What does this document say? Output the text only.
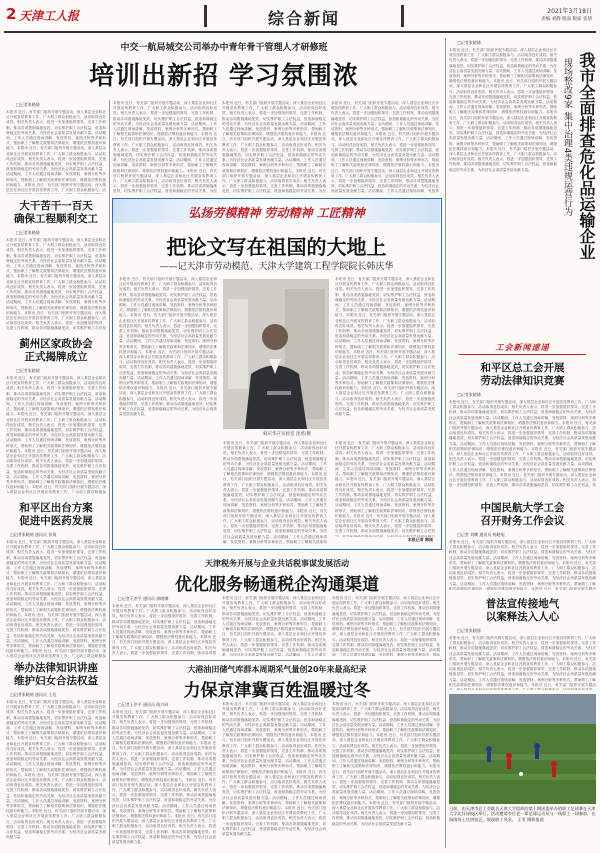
2 天津工人报	综合新闻	2021年3月18日
责编 刘静 版面 版面 张倩
中交一航局城交公司举办中青年骨干管理人才研修班
培训出新招 学习氛围浓
□记者张晓倩
本报讯 近日，有关部门组织开展专题活动，深入基层企业和社区开展宣传教育工作，广大职工群众积极参与，活动取得良好成效。相关负责人表示，将进一步加强组织领导，完善工作机制，推动各项措施落地见效，切实维护职工合法权益，营造和谐稳定的劳动关系，为经济社会高质量发展贡献力量。活动期间，工作人员通过现场讲解、发放资料、案例分析等多种形式，帮助职工了解相关政策和法律知识，增强依法维权意识和能力。本报讯 近日，有关部门组织开展专题活动，深入基层企业和社区开展宣传教育工作，广大职工群众积极参与，活动取得良好成效。相关负责人表示，将进一步加强组织领导，完善工作机制，推动各项措施落地见效，切实维护职工合法权益，营造和谐稳定的劳动关系，为经济社会高质量发展贡献力量。活动期间，工作人员通过现场讲解、发放资料、案例分析等多种形式，帮助职工了解相关政策和法律知识，增强依法维权意识和能力。本报讯 近日，有关部门组织开展专题活动，深入基层企业和社区开展宣传教育工作，广大职工群众积极参与，活动取得良好成效。相关负责人表示，将进一步加强组织领导，完善工作机制，推动各项措施落地见效，切实维护职工合法权益，营造和谐稳定的劳动关系，为经济社会高质量发展贡献力量。活动期间，工作人员通过现场讲解、发放资料、案例分析等多种形式，帮助职工了解相关政策和法律知识，增强依法维权意识和能力。本报讯 近日，有关部门组织开展专题活动，深入基层企业和社区开展宣传教育工作，广大职工群众积极参与，活动取得良好成效。相关负责人表示，将进一步加强组织领导，完善工作机制，推动各项措施落地见效，切实维护职工合法权益，营造和谐稳定的劳动关系，为经济社会高质量发展贡献力量。
大干苦干一百天
确保工程顺利交工
□记者张晓倩
本报讯 近日，有关部门组织开展专题活动，深入基层企业和社区开展宣传教育工作，广大职工群众积极参与，活动取得良好成效。相关负责人表示，将进一步加强组织领导，完善工作机制，推动各项措施落地见效，切实维护职工合法权益，营造和谐稳定的劳动关系，为经济社会高质量发展贡献力量。活动期间，工作人员通过现场讲解、发放资料、案例分析等多种形式，帮助职工了解相关政策和法律知识，增强依法维权意识和能力。本报讯 近日，有关部门组织开展专题活动，深入基层企业和社区开展宣传教育工作，广大职工群众积极参与，活动取得良好成效。相关负责人表示，将进一步加强组织领导，完善工作机制，推动各项措施落地见效，切实维护职工合法权益，营造和谐稳定的劳动关系，为经济社会高质量发展贡献力量。活动期间，工作人员通过现场讲解、发放资料、案例分析等多种形式，帮助职工了解相关政策和法律知识，增强依法维权意识和能力。本报讯 近日，有关部门组织开展专题活动，深入基层企业和社区开展宣传教育工作，广大职工群众积极参与，活动取得良好成效。相关负责人表示，将进一步加强组织领导，完善工作机制，推动各项措施落地见效，切实维护职工合法权益，营造和谐稳定的劳动关系，为经济社会高质量发展贡献力量。活动期间，工作人员通过现场讲解、发放资料、案例分析等多种形式，帮助职工了解相关政策和法律知识，增强依法维权意识和能力。本报讯 近日，有关部门组织开展专题活动，深入基层企业和社区开展宣传教育工作，广大职工群众积极参与，活动取得良好成效。相关负责人表示，将进一步加强组织领导，完善工作机制，推动各项措施落地见效，切实维护职工合法权益，营造和谐稳定的劳动关系，为经济社会高质量发展贡献力量。
蓟州区家政协会
正式揭牌成立
□记者张晓倩
本报讯 近日，有关部门组织开展专题活动，深入基层企业和社区开展宣传教育工作，广大职工群众积极参与，活动取得良好成效。相关负责人表示，将进一步加强组织领导，完善工作机制，推动各项措施落地见效，切实维护职工合法权益，营造和谐稳定的劳动关系，为经济社会高质量发展贡献力量。活动期间，工作人员通过现场讲解、发放资料、案例分析等多种形式，帮助职工了解相关政策和法律知识，增强依法维权意识和能力。本报讯 近日，有关部门组织开展专题活动，深入基层企业和社区开展宣传教育工作，广大职工群众积极参与，活动取得良好成效。相关负责人表示，将进一步加强组织领导，完善工作机制，推动各项措施落地见效，切实维护职工合法权益，营造和谐稳定的劳动关系，为经济社会高质量发展贡献力量。活动期间，工作人员通过现场讲解、发放资料、案例分析等多种形式，帮助职工了解相关政策和法律知识，增强依法维权意识和能力。本报讯 近日，有关部门组织开展专题活动，深入基层企业和社区开展宣传教育工作，广大职工群众积极参与，活动取得良好成效。相关负责人表示，将进一步加强组织领导，完善工作机制，推动各项措施落地见效，切实维护职工合法权益，营造和谐稳定的劳动关系，为经济社会高质量发展贡献力量。活动期间，工作人员通过现场讲解、发放资料、案例分析等多种形式，帮助职工了解相关政策和法律知识，增强依法维权意识和能力。本报讯 近日，有关部门组织开展专题活动，深入基层企业和社区开展宣传教育工作，广大职工群众积极参与，活动取得良好成效。相关负责人表示，将进一步加强组织领导，完善工作机制，推动各项措施落地见效，切实维护职工合法权益，营造和谐稳定的劳动关系，为经济社会高质量发展贡献力量。
和平区出台方案
促进中医药发展
□记者张晓倩 通讯员 张娟
本报讯 近日，有关部门组织开展专题活动，深入基层企业和社区开展宣传教育工作，广大职工群众积极参与，活动取得良好成效。相关负责人表示，将进一步加强组织领导，完善工作机制，推动各项措施落地见效，切实维护职工合法权益，营造和谐稳定的劳动关系，为经济社会高质量发展贡献力量。活动期间，工作人员通过现场讲解、发放资料、案例分析等多种形式，帮助职工了解相关政策和法律知识，增强依法维权意识和能力。本报讯 近日，有关部门组织开展专题活动，深入基层企业和社区开展宣传教育工作，广大职工群众积极参与，活动取得良好成效。相关负责人表示，将进一步加强组织领导，完善工作机制，推动各项措施落地见效，切实维护职工合法权益，营造和谐稳定的劳动关系，为经济社会高质量发展贡献力量。活动期间，工作人员通过现场讲解、发放资料、案例分析等多种形式，帮助职工了解相关政策和法律知识，增强依法维权意识和能力。本报讯 近日，有关部门组织开展专题活动，深入基层企业和社区开展宣传教育工作，广大职工群众积极参与，活动取得良好成效。相关负责人表示，将进一步加强组织领导，完善工作机制，推动各项措施落地见效，切实维护职工合法权益，营造和谐稳定的劳动关系，为经济社会高质量发展贡献力量。活动期间，工作人员通过现场讲解、发放资料、案例分析等多种形式，帮助职工了解相关政策和法律知识，增强依法维权意识和能力。本报讯 近日，有关部门组织开展专题活动，深入基层企业和社区开展宣传教育工作，广大职工群众积极参与，活动取得良好成效。相关负责人表示，将进一步加强组织领导，完善工作机制，推动各项措施落地见效，切实维护职工合法权益，营造和谐稳定的劳动关系，为经济社会高质量发展贡献力量。
举办法律知识讲座
维护妇女合法权益
□记者张晓倩 通讯员 王洁
本报讯 近日，有关部门组织开展专题活动，深入基层企业和社区开展宣传教育工作，广大职工群众积极参与，活动取得良好成效。相关负责人表示，将进一步加强组织领导，完善工作机制，推动各项措施落地见效，切实维护职工合法权益，营造和谐稳定的劳动关系，为经济社会高质量发展贡献力量。活动期间，工作人员通过现场讲解、发放资料、案例分析等多种形式，帮助职工了解相关政策和法律知识，增强依法维权意识和能力。本报讯 近日，有关部门组织开展专题活动，深入基层企业和社区开展宣传教育工作，广大职工群众积极参与，活动取得良好成效。相关负责人表示，将进一步加强组织领导，完善工作机制，推动各项措施落地见效，切实维护职工合法权益，营造和谐稳定的劳动关系，为经济社会高质量发展贡献力量。活动期间，工作人员通过现场讲解、发放资料、案例分析等多种形式，帮助职工了解相关政策和法律知识，增强依法维权意识和能力。本报讯 近日，有关部门组织开展专题活动，深入基层企业和社区开展宣传教育工作，广大职工群众积极参与，活动取得良好成效。相关负责人表示，将进一步加强组织领导，完善工作机制，推动各项措施落地见效，切实维护职工合法权益，营造和谐稳定的劳动关系，为经济社会高质量发展贡献力量。活动期间，工作人员通过现场讲解、发放资料、案例分析等多种形式，帮助职工了解相关政策和法律知识，增强依法维权意识和能力。本报讯 近日，有关部门组织开展专题活动，深入基层企业和社区开展宣传教育工作，广大职工群众积极参与，活动取得良好成效。相关负责人表示，将进一步加强组织领导，完善工作机制，推动各项措施落地见效，切实维护职工合法权益，营造和谐稳定的劳动关系，为经济社会高质量发展贡献力量。
本报讯 近日，有关部门组织开展专题活动，深入基层企业和社区开展宣传教育工作，广大职工群众积极参与，活动取得良好成效。相关负责人表示，将进一步加强组织领导，完善工作机制，推动各项措施落地见效，切实维护职工合法权益，营造和谐稳定的劳动关系，为经济社会高质量发展贡献力量。活动期间，工作人员通过现场讲解、发放资料、案例分析等多种形式，帮助职工了解相关政策和法律知识，增强依法维权意识和能力。本报讯 近日，有关部门组织开展专题活动，深入基层企业和社区开展宣传教育工作，广大职工群众积极参与，活动取得良好成效。相关负责人表示，将进一步加强组织领导，完善工作机制，推动各项措施落地见效，切实维护职工合法权益，营造和谐稳定的劳动关系，为经济社会高质量发展贡献力量。活动期间，工作人员通过现场讲解、发放资料、案例分析等多种形式，帮助职工了解相关政策和法律知识，增强依法维权意识和能力。本报讯 近日，有关部门组织开展专题活动，深入基层企业和社区开展宣传教育工作，广大职工群众积极参与，活动取得良好成效。相关负责人表示，将进一步加强组织领导，完善工作机制，推动各项措施落地见效，切实维护职工合法权益，营造和谐稳定的劳动关系，为经济社会高质量发展贡献力量。活动期间，工作人员通过现场讲解、发放资料、案例分析等多种形式，帮助职工了解相关政策和法律知识，增强依法维权意识和能力。本报讯 近日，有关部门组织开展专题活动，深入基层企业和社区开展宣传教育工作，广大职工群众积极参与，活动取得良好成效。相关负责人表示，将进一步加强组织领导，完善工作机制，推动各项措施落地见效，切实维护职工合法权益，营造和谐稳定的劳动关系，为经济社会高质量发展贡献力量。
本报讯 近日，有关部门组织开展专题活动，深入基层企业和社区开展宣传教育工作，广大职工群众积极参与，活动取得良好成效。相关负责人表示，将进一步加强组织领导，完善工作机制，推动各项措施落地见效，切实维护职工合法权益，营造和谐稳定的劳动关系，为经济社会高质量发展贡献力量。活动期间，工作人员通过现场讲解、发放资料、案例分析等多种形式，帮助职工了解相关政策和法律知识，增强依法维权意识和能力。本报讯 近日，有关部门组织开展专题活动，深入基层企业和社区开展宣传教育工作，广大职工群众积极参与，活动取得良好成效。相关负责人表示，将进一步加强组织领导，完善工作机制，推动各项措施落地见效，切实维护职工合法权益，营造和谐稳定的劳动关系，为经济社会高质量发展贡献力量。活动期间，工作人员通过现场讲解、发放资料、案例分析等多种形式，帮助职工了解相关政策和法律知识，增强依法维权意识和能力。本报讯 近日，有关部门组织开展专题活动，深入基层企业和社区开展宣传教育工作，广大职工群众积极参与，活动取得良好成效。相关负责人表示，将进一步加强组织领导，完善工作机制，推动各项措施落地见效，切实维护职工合法权益，营造和谐稳定的劳动关系，为经济社会高质量发展贡献力量。活动期间，工作人员通过现场讲解、发放资料、案例分析等多种形式，帮助职工了解相关政策和法律知识，增强依法维权意识和能力。本报讯 近日，有关部门组织开展专题活动，深入基层企业和社区开展宣传教育工作，广大职工群众积极参与，活动取得良好成效。相关负责人表示，将进一步加强组织领导，完善工作机制，推动各项措施落地见效，切实维护职工合法权益，营造和谐稳定的劳动关系，为经济社会高质量发展贡献力量。
本报讯 近日，有关部门组织开展专题活动，深入基层企业和社区开展宣传教育工作，广大职工群众积极参与，活动取得良好成效。相关负责人表示，将进一步加强组织领导，完善工作机制，推动各项措施落地见效，切实维护职工合法权益，营造和谐稳定的劳动关系，为经济社会高质量发展贡献力量。活动期间，工作人员通过现场讲解、发放资料、案例分析等多种形式，帮助职工了解相关政策和法律知识，增强依法维权意识和能力。本报讯 近日，有关部门组织开展专题活动，深入基层企业和社区开展宣传教育工作，广大职工群众积极参与，活动取得良好成效。相关负责人表示，将进一步加强组织领导，完善工作机制，推动各项措施落地见效，切实维护职工合法权益，营造和谐稳定的劳动关系，为经济社会高质量发展贡献力量。活动期间，工作人员通过现场讲解、发放资料、案例分析等多种形式，帮助职工了解相关政策和法律知识，增强依法维权意识和能力。本报讯 近日，有关部门组织开展专题活动，深入基层企业和社区开展宣传教育工作，广大职工群众积极参与，活动取得良好成效。相关负责人表示，将进一步加强组织领导，完善工作机制，推动各项措施落地见效，切实维护职工合法权益，营造和谐稳定的劳动关系，为经济社会高质量发展贡献力量。活动期间，工作人员通过现场讲解、发放资料、案例分析等多种形式，帮助职工了解相关政策和法律知识，增强依法维权意识和能力。本报讯 近日，有关部门组织开展专题活动，深入基层企业和社区开展宣传教育工作，广大职工群众积极参与，活动取得良好成效。相关负责人表示，将进一步加强组织领导，完善工作机制，推动各项措施落地见效，切实维护职工合法权益，营造和谐稳定的劳动关系，为经济社会高质量发展贡献力量。
弘扬劳模精神 劳动精神 工匠精神
把论文写在祖国的大地上
——记天津市劳动模范、天津大学建筑工程学院院长韩庆华
本报讯 近日，有关部门组织开展专题活动，深入基层企业和社区开展宣传教育工作，广大职工群众积极参与，活动取得良好成效。相关负责人表示，将进一步加强组织领导，完善工作机制，推动各项措施落地见效，切实维护职工合法权益，营造和谐稳定的劳动关系，为经济社会高质量发展贡献力量。活动期间，工作人员通过现场讲解、发放资料、案例分析等多种形式，帮助职工了解相关政策和法律知识，增强依法维权意识和能力。本报讯 近日，有关部门组织开展专题活动，深入基层企业和社区开展宣传教育工作，广大职工群众积极参与，活动取得良好成效。相关负责人表示，将进一步加强组织领导，完善工作机制，推动各项措施落地见效，切实维护职工合法权益，营造和谐稳定的劳动关系，为经济社会高质量发展贡献力量。活动期间，工作人员通过现场讲解、发放资料、案例分析等多种形式，帮助职工了解相关政策和法律知识，增强依法维权意识和能力。本报讯 近日，有关部门组织开展专题活动，深入基层企业和社区开展宣传教育工作，广大职工群众积极参与，活动取得良好成效。相关负责人表示，将进一步加强组织领导，完善工作机制，推动各项措施落地见效，切实维护职工合法权益，营造和谐稳定的劳动关系，为经济社会高质量发展贡献力量。活动期间，工作人员通过现场讲解、发放资料、案例分析等多种形式，帮助职工了解相关政策和法律知识，增强依法维权意识和能力。本报讯 近日，有关部门组织开展专题活动，深入基层企业和社区开展宣传教育工作，广大职工群众积极参与，活动取得良好成效。相关负责人表示，将进一步加强组织领导，完善工作机制，推动各项措施落地见效，切实维护职工合法权益，营造和谐稳定的劳动关系，为经济社会高质量发展贡献力量。
韩庆华在实验室 沈慈/摄
本报讯 近日，有关部门组织开展专题活动，深入基层企业和社区开展宣传教育工作，广大职工群众积极参与，活动取得良好成效。相关负责人表示，将进一步加强组织领导，完善工作机制，推动各项措施落地见效，切实维护职工合法权益，营造和谐稳定的劳动关系，为经济社会高质量发展贡献力量。活动期间，工作人员通过现场讲解、发放资料、案例分析等多种形式，帮助职工了解相关政策和法律知识，增强依法维权意识和能力。本报讯 近日，有关部门组织开展专题活动，深入基层企业和社区开展宣传教育工作，广大职工群众积极参与，活动取得良好成效。相关负责人表示，将进一步加强组织领导，完善工作机制，推动各项措施落地见效，切实维护职工合法权益，营造和谐稳定的劳动关系，为经济社会高质量发展贡献力量。活动期间，工作人员通过现场讲解、发放资料、案例分析等多种形式，帮助职工了解相关政策和法律知识，增强依法维权意识和能力。本报讯 近日，有关部门组织开展专题活动，深入基层企业和社区开展宣传教育工作，广大职工群众积极参与，活动取得良好成效。相关负责人表示，将进一步加强组织领导，完善工作机制，推动各项措施落地见效，切实维护职工合法权益，营造和谐稳定的劳动关系，为经济社会高质量发展贡献力量。活动期间，工作人员通过现场讲解、发放资料、案例分析等多种形式，帮助职工了解相关政策和法律知识，增强依法维权意识和能力。本报讯 近日，有关部门组织开展专题活动，深入基层企业和社区开展宣传教育工作，广大职工群众积极参与，活动取得良好成效。相关负责人表示，将进一步加强组织领导，完善工作机制，推动各项措施落地见效，切实维护职工合法权益，营造和谐稳定的劳动关系，为经济社会高质量发展贡献力量。
本报讯 近日，有关部门组织开展专题活动，深入基层企业和社区开展宣传教育工作，广大职工群众积极参与，活动取得良好成效。相关负责人表示，将进一步加强组织领导，完善工作机制，推动各项措施落地见效，切实维护职工合法权益，营造和谐稳定的劳动关系，为经济社会高质量发展贡献力量。活动期间，工作人员通过现场讲解、发放资料、案例分析等多种形式，帮助职工了解相关政策和法律知识，增强依法维权意识和能力。本报讯 近日，有关部门组织开展专题活动，深入基层企业和社区开展宣传教育工作，广大职工群众积极参与，活动取得良好成效。相关负责人表示，将进一步加强组织领导，完善工作机制，推动各项措施落地见效，切实维护职工合法权益，营造和谐稳定的劳动关系，为经济社会高质量发展贡献力量。活动期间，工作人员通过现场讲解、发放资料、案例分析等多种形式，帮助职工了解相关政策和法律知识，增强依法维权意识和能力。本报讯 近日，有关部门组织开展专题活动，深入基层企业和社区开展宣传教育工作，广大职工群众积极参与，活动取得良好成效。相关负责人表示，将进一步加强组织领导，完善工作机制，推动各项措施落地见效，切实维护职工合法权益，营造和谐稳定的劳动关系，为经济社会高质量发展贡献力量。活动期间，工作人员通过现场讲解、发放资料、案例分析等多种形式，帮助职工了解相关政策和法律知识，增强依法维权意识和能力。本报讯 近日，有关部门组织开展专题活动，深入基层企业和社区开展宣传教育工作，广大职工群众积极参与，活动取得良好成效。相关负责人表示，将进一步加强组织领导，完善工作机制，推动各项措施落地见效，切实维护职工合法权益，营造和谐稳定的劳动关系，为经济社会高质量发展贡献力量。
本报讯 近日，有关部门组织开展专题活动，深入基层企业和社区开展宣传教育工作，广大职工群众积极参与，活动取得良好成效。相关负责人表示，将进一步加强组织领导，完善工作机制，推动各项措施落地见效，切实维护职工合法权益，营造和谐稳定的劳动关系，为经济社会高质量发展贡献力量。活动期间，工作人员通过现场讲解、发放资料、案例分析等多种形式，帮助职工了解相关政策和法律知识，增强依法维权意识和能力。本报讯 近日，有关部门组织开展专题活动，深入基层企业和社区开展宣传教育工作，广大职工群众积极参与，活动取得良好成效。相关负责人表示，将进一步加强组织领导，完善工作机制，推动各项措施落地见效，切实维护职工合法权益，营造和谐稳定的劳动关系，为经济社会高质量发展贡献力量。活动期间，工作人员通过现场讲解、发放资料、案例分析等多种形式，帮助职工了解相关政策和法律知识，增强依法维权意识和能力。本报讯 近日，有关部门组织开展专题活动，深入基层企业和社区开展宣传教育工作，广大职工群众积极参与，活动取得良好成效。相关负责人表示，将进一步加强组织领导，完善工作机制，推动各项措施落地见效，切实维护职工合法权益，营造和谐稳定的劳动关系，为经济社会高质量发展贡献力量。活动期间，工作人员通过现场讲解、发放资料、案例分析等多种形式，帮助职工了解相关政策和法律知识，增强依法维权意识和能力。本报讯 近日，有关部门组织开展专题活动，深入基层企业和社区开展宣传教育工作，广大职工群众积极参与，活动取得良好成效。相关负责人表示，将进一步加强组织领导，完善工作机制，推动各项措施落地见效，切实维护职工合法权益，营造和谐稳定的劳动关系，为经济社会高质量发展贡献力量。
本报记者 韩刚
天津税务开展与企业共话税事谋发展活动
优化服务畅通税企沟通渠道
□记者王洪平 通讯员 郭晓娜
本报讯 近日，有关部门组织开展专题活动，深入基层企业和社区开展宣传教育工作，广大职工群众积极参与，活动取得良好成效。相关负责人表示，将进一步加强组织领导，完善工作机制，推动各项措施落地见效，切实维护职工合法权益，营造和谐稳定的劳动关系，为经济社会高质量发展贡献力量。活动期间，工作人员通过现场讲解、发放资料、案例分析等多种形式，帮助职工了解相关政策和法律知识，增强依法维权意识和能力。本报讯 近日，有关部门组织开展专题活动，深入基层企业和社区开展宣传教育工作，广大职工群众积极参与，活动取得良好成效。相关负责人表示，将进一步加强组织领导，完善工作机制，推动各项措施落地见效，切实维护职工合法权益，营造和谐稳定的劳动关系，为经济社会高质量发展贡献力量。活动期间，工作人员通过现场讲解、发放资料、案例分析等多种形式，帮助职工了解相关政策和法律知识，增强依法维权意识和能力。本报讯 近日，有关部门组织开展专题活动，深入基层企业和社区开展宣传教育工作，广大职工群众积极参与，活动取得良好成效。相关负责人表示，将进一步加强组织领导，完善工作机制，推动各项措施落地见效，切实维护职工合法权益，营造和谐稳定的劳动关系，为经济社会高质量发展贡献力量。活动期间，工作人员通过现场讲解、发放资料、案例分析等多种形式，帮助职工了解相关政策和法律知识，增强依法维权意识和能力。本报讯 近日，有关部门组织开展专题活动，深入基层企业和社区开展宣传教育工作，广大职工群众积极参与，活动取得良好成效。相关负责人表示，将进一步加强组织领导，完善工作机制，推动各项措施落地见效，切实维护职工合法权益，营造和谐稳定的劳动关系，为经济社会高质量发展贡献力量。
本报讯 近日，有关部门组织开展专题活动，深入基层企业和社区开展宣传教育工作，广大职工群众积极参与，活动取得良好成效。相关负责人表示，将进一步加强组织领导，完善工作机制，推动各项措施落地见效，切实维护职工合法权益，营造和谐稳定的劳动关系，为经济社会高质量发展贡献力量。活动期间，工作人员通过现场讲解、发放资料、案例分析等多种形式，帮助职工了解相关政策和法律知识，增强依法维权意识和能力。本报讯 近日，有关部门组织开展专题活动，深入基层企业和社区开展宣传教育工作，广大职工群众积极参与，活动取得良好成效。相关负责人表示，将进一步加强组织领导，完善工作机制，推动各项措施落地见效，切实维护职工合法权益，营造和谐稳定的劳动关系，为经济社会高质量发展贡献力量。活动期间，工作人员通过现场讲解、发放资料、案例分析等多种形式，帮助职工了解相关政策和法律知识，增强依法维权意识和能力。本报讯 近日，有关部门组织开展专题活动，深入基层企业和社区开展宣传教育工作，广大职工群众积极参与，活动取得良好成效。相关负责人表示，将进一步加强组织领导，完善工作机制，推动各项措施落地见效，切实维护职工合法权益，营造和谐稳定的劳动关系，为经济社会高质量发展贡献力量。活动期间，工作人员通过现场讲解、发放资料、案例分析等多种形式，帮助职工了解相关政策和法律知识，增强依法维权意识和能力。本报讯 近日，有关部门组织开展专题活动，深入基层企业和社区开展宣传教育工作，广大职工群众积极参与，活动取得良好成效。相关负责人表示，将进一步加强组织领导，完善工作机制，推动各项措施落地见效，切实维护职工合法权益，营造和谐稳定的劳动关系，为经济社会高质量发展贡献力量。
本报讯 近日，有关部门组织开展专题活动，深入基层企业和社区开展宣传教育工作，广大职工群众积极参与，活动取得良好成效。相关负责人表示，将进一步加强组织领导，完善工作机制，推动各项措施落地见效，切实维护职工合法权益，营造和谐稳定的劳动关系，为经济社会高质量发展贡献力量。活动期间，工作人员通过现场讲解、发放资料、案例分析等多种形式，帮助职工了解相关政策和法律知识，增强依法维权意识和能力。本报讯 近日，有关部门组织开展专题活动，深入基层企业和社区开展宣传教育工作，广大职工群众积极参与，活动取得良好成效。相关负责人表示，将进一步加强组织领导，完善工作机制，推动各项措施落地见效，切实维护职工合法权益，营造和谐稳定的劳动关系，为经济社会高质量发展贡献力量。活动期间，工作人员通过现场讲解、发放资料、案例分析等多种形式，帮助职工了解相关政策和法律知识，增强依法维权意识和能力。本报讯 近日，有关部门组织开展专题活动，深入基层企业和社区开展宣传教育工作，广大职工群众积极参与，活动取得良好成效。相关负责人表示，将进一步加强组织领导，完善工作机制，推动各项措施落地见效，切实维护职工合法权益，营造和谐稳定的劳动关系，为经济社会高质量发展贡献力量。活动期间，工作人员通过现场讲解、发放资料、案例分析等多种形式，帮助职工了解相关政策和法律知识，增强依法维权意识和能力。本报讯 近日，有关部门组织开展专题活动，深入基层企业和社区开展宣传教育工作，广大职工群众积极参与，活动取得良好成效。相关负责人表示，将进一步加强组织领导，完善工作机制，推动各项措施落地见效，切实维护职工合法权益，营造和谐稳定的劳动关系，为经济社会高质量发展贡献力量。
大港油田储气库群本周期采气量创20年来最高纪录
力保京津冀百姓温暖过冬
□记者王洪平 通讯员 陈兴同
本报讯 近日，有关部门组织开展专题活动，深入基层企业和社区开展宣传教育工作，广大职工群众积极参与，活动取得良好成效。相关负责人表示，将进一步加强组织领导，完善工作机制，推动各项措施落地见效，切实维护职工合法权益，营造和谐稳定的劳动关系，为经济社会高质量发展贡献力量。活动期间，工作人员通过现场讲解、发放资料、案例分析等多种形式，帮助职工了解相关政策和法律知识，增强依法维权意识和能力。本报讯 近日，有关部门组织开展专题活动，深入基层企业和社区开展宣传教育工作，广大职工群众积极参与，活动取得良好成效。相关负责人表示，将进一步加强组织领导，完善工作机制，推动各项措施落地见效，切实维护职工合法权益，营造和谐稳定的劳动关系，为经济社会高质量发展贡献力量。活动期间，工作人员通过现场讲解、发放资料、案例分析等多种形式，帮助职工了解相关政策和法律知识，增强依法维权意识和能力。本报讯 近日，有关部门组织开展专题活动，深入基层企业和社区开展宣传教育工作，广大职工群众积极参与，活动取得良好成效。相关负责人表示，将进一步加强组织领导，完善工作机制，推动各项措施落地见效，切实维护职工合法权益，营造和谐稳定的劳动关系，为经济社会高质量发展贡献力量。活动期间，工作人员通过现场讲解、发放资料、案例分析等多种形式，帮助职工了解相关政策和法律知识，增强依法维权意识和能力。本报讯 近日，有关部门组织开展专题活动，深入基层企业和社区开展宣传教育工作，广大职工群众积极参与，活动取得良好成效。相关负责人表示，将进一步加强组织领导，完善工作机制，推动各项措施落地见效，切实维护职工合法权益，营造和谐稳定的劳动关系，为经济社会高质量发展贡献力量。
本报讯 近日，有关部门组织开展专题活动，深入基层企业和社区开展宣传教育工作，广大职工群众积极参与，活动取得良好成效。相关负责人表示，将进一步加强组织领导，完善工作机制，推动各项措施落地见效，切实维护职工合法权益，营造和谐稳定的劳动关系，为经济社会高质量发展贡献力量。活动期间，工作人员通过现场讲解、发放资料、案例分析等多种形式，帮助职工了解相关政策和法律知识，增强依法维权意识和能力。本报讯 近日，有关部门组织开展专题活动，深入基层企业和社区开展宣传教育工作，广大职工群众积极参与，活动取得良好成效。相关负责人表示，将进一步加强组织领导，完善工作机制，推动各项措施落地见效，切实维护职工合法权益，营造和谐稳定的劳动关系，为经济社会高质量发展贡献力量。活动期间，工作人员通过现场讲解、发放资料、案例分析等多种形式，帮助职工了解相关政策和法律知识，增强依法维权意识和能力。本报讯 近日，有关部门组织开展专题活动，深入基层企业和社区开展宣传教育工作，广大职工群众积极参与，活动取得良好成效。相关负责人表示，将进一步加强组织领导，完善工作机制，推动各项措施落地见效，切实维护职工合法权益，营造和谐稳定的劳动关系，为经济社会高质量发展贡献力量。活动期间，工作人员通过现场讲解、发放资料、案例分析等多种形式，帮助职工了解相关政策和法律知识，增强依法维权意识和能力。本报讯 近日，有关部门组织开展专题活动，深入基层企业和社区开展宣传教育工作，广大职工群众积极参与，活动取得良好成效。相关负责人表示，将进一步加强组织领导，完善工作机制，推动各项措施落地见效，切实维护职工合法权益，营造和谐稳定的劳动关系，为经济社会高质量发展贡献力量。
本报讯 近日，有关部门组织开展专题活动，深入基层企业和社区开展宣传教育工作，广大职工群众积极参与，活动取得良好成效。相关负责人表示，将进一步加强组织领导，完善工作机制，推动各项措施落地见效，切实维护职工合法权益，营造和谐稳定的劳动关系，为经济社会高质量发展贡献力量。活动期间，工作人员通过现场讲解、发放资料、案例分析等多种形式，帮助职工了解相关政策和法律知识，增强依法维权意识和能力。本报讯 近日，有关部门组织开展专题活动，深入基层企业和社区开展宣传教育工作，广大职工群众积极参与，活动取得良好成效。相关负责人表示，将进一步加强组织领导，完善工作机制，推动各项措施落地见效，切实维护职工合法权益，营造和谐稳定的劳动关系，为经济社会高质量发展贡献力量。活动期间，工作人员通过现场讲解、发放资料、案例分析等多种形式，帮助职工了解相关政策和法律知识，增强依法维权意识和能力。本报讯 近日，有关部门组织开展专题活动，深入基层企业和社区开展宣传教育工作，广大职工群众积极参与，活动取得良好成效。相关负责人表示，将进一步加强组织领导，完善工作机制，推动各项措施落地见效，切实维护职工合法权益，营造和谐稳定的劳动关系，为经济社会高质量发展贡献力量。活动期间，工作人员通过现场讲解、发放资料、案例分析等多种形式，帮助职工了解相关政策和法律知识，增强依法维权意识和能力。本报讯 近日，有关部门组织开展专题活动，深入基层企业和社区开展宣传教育工作，广大职工群众积极参与，活动取得良好成效。相关负责人表示，将进一步加强组织领导，完善工作机制，推动各项措施落地见效，切实维护职工合法权益，营造和谐稳定的劳动关系，为经济社会高质量发展贡献力量。
□记者张晓倩
本报讯 近日，有关部门组织开展专题活动，深入基层企业和社区开展宣传教育工作，广大职工群众积极参与，活动取得良好成效。相关负责人表示，将进一步加强组织领导，完善工作机制，推动各项措施落地见效，切实维护职工合法权益，营造和谐稳定的劳动关系，为经济社会高质量发展贡献力量。活动期间，工作人员通过现场讲解、发放资料、案例分析等多种形式，帮助职工了解相关政策和法律知识，增强依法维权意识和能力。本报讯 近日，有关部门组织开展专题活动，深入基层企业和社区开展宣传教育工作，广大职工群众积极参与，活动取得良好成效。相关负责人表示，将进一步加强组织领导，完善工作机制，推动各项措施落地见效，切实维护职工合法权益，营造和谐稳定的劳动关系，为经济社会高质量发展贡献力量。活动期间，工作人员通过现场讲解、发放资料、案例分析等多种形式，帮助职工了解相关政策和法律知识，增强依法维权意识和能力。本报讯 近日，有关部门组织开展专题活动，深入基层企业和社区开展宣传教育工作，广大职工群众积极参与，活动取得良好成效。相关负责人表示，将进一步加强组织领导，完善工作机制，推动各项措施落地见效，切实维护职工合法权益，营造和谐稳定的劳动关系，为经济社会高质量发展贡献力量。活动期间，工作人员通过现场讲解、发放资料、案例分析等多种形式，帮助职工了解相关政策和法律知识，增强依法维权意识和能力。本报讯 近日，有关部门组织开展专题活动，深入基层企业和社区开展宣传教育工作，广大职工群众积极参与，活动取得良好成效。相关负责人表示，将进一步加强组织领导，完善工作机制，推动各项措施落地见效，切实维护职工合法权益，营造和谐稳定的劳动关系，为经济社会高质量发展贡献力量。
我市全面排查危化品运输企业
现场整改9家 集中治理4类违规运营行为
工会新闻速递
和平区总工会开展
劳动法律知识竞赛
□记者张晓倩
本报讯 近日，有关部门组织开展专题活动，深入基层企业和社区开展宣传教育工作，广大职工群众积极参与，活动取得良好成效。相关负责人表示，将进一步加强组织领导，完善工作机制，推动各项措施落地见效，切实维护职工合法权益，营造和谐稳定的劳动关系，为经济社会高质量发展贡献力量。活动期间，工作人员通过现场讲解、发放资料、案例分析等多种形式，帮助职工了解相关政策和法律知识，增强依法维权意识和能力。本报讯 近日，有关部门组织开展专题活动，深入基层企业和社区开展宣传教育工作，广大职工群众积极参与，活动取得良好成效。相关负责人表示，将进一步加强组织领导，完善工作机制，推动各项措施落地见效，切实维护职工合法权益，营造和谐稳定的劳动关系，为经济社会高质量发展贡献力量。活动期间，工作人员通过现场讲解、发放资料、案例分析等多种形式，帮助职工了解相关政策和法律知识，增强依法维权意识和能力。本报讯 近日，有关部门组织开展专题活动，深入基层企业和社区开展宣传教育工作，广大职工群众积极参与，活动取得良好成效。相关负责人表示，将进一步加强组织领导，完善工作机制，推动各项措施落地见效，切实维护职工合法权益，营造和谐稳定的劳动关系，为经济社会高质量发展贡献力量。活动期间，工作人员通过现场讲解、发放资料、案例分析等多种形式，帮助职工了解相关政策和法律知识，增强依法维权意识和能力。本报讯 近日，有关部门组织开展专题活动，深入基层企业和社区开展宣传教育工作，广大职工群众积极参与，活动取得良好成效。相关负责人表示，将进一步加强组织领导，完善工作机制，推动各项措施落地见效，切实维护职工合法权益，营造和谐稳定的劳动关系，为经济社会高质量发展贡献力量。
中国民航大学工会
召开财务工作会议
□记者 刘鹏 通讯员 杨晓旭
本报讯 近日，有关部门组织开展专题活动，深入基层企业和社区开展宣传教育工作，广大职工群众积极参与，活动取得良好成效。相关负责人表示，将进一步加强组织领导，完善工作机制，推动各项措施落地见效，切实维护职工合法权益，营造和谐稳定的劳动关系，为经济社会高质量发展贡献力量。活动期间，工作人员通过现场讲解、发放资料、案例分析等多种形式，帮助职工了解相关政策和法律知识，增强依法维权意识和能力。本报讯 近日，有关部门组织开展专题活动，深入基层企业和社区开展宣传教育工作，广大职工群众积极参与，活动取得良好成效。相关负责人表示，将进一步加强组织领导，完善工作机制，推动各项措施落地见效，切实维护职工合法权益，营造和谐稳定的劳动关系，为经济社会高质量发展贡献力量。活动期间，工作人员通过现场讲解、发放资料、案例分析等多种形式，帮助职工了解相关政策和法律知识，增强依法维权意识和能力。本报讯 近日，有关部门组织开展专题活动，深入基层企业和社区开展宣传教育工作，广大职工群众积极参与，活动取得良好成效。相关负责人表示，将进一步加强组织领导，完善工作机制，推动各项措施落地见效，切实维护职工合法权益，营造和谐稳定的劳动关系，为经济社会高质量发展贡献力量。活动期间，工作人员通过现场讲解、发放资料、案例分析等多种形式，帮助职工了解相关政策和法律知识，增强依法维权意识和能力。本报讯 近日，有关部门组织开展专题活动，深入基层企业和社区开展宣传教育工作，广大职工群众积极参与，活动取得良好成效。相关负责人表示，将进一步加强组织领导，完善工作机制，推动各项措施落地见效，切实维护职工合法权益，营造和谐稳定的劳动关系，为经济社会高质量发展贡献力量。
普法宣传接地气
以案释法入人心
□记者张晓倩
本报讯 近日，有关部门组织开展专题活动，深入基层企业和社区开展宣传教育工作，广大职工群众积极参与，活动取得良好成效。相关负责人表示，将进一步加强组织领导，完善工作机制，推动各项措施落地见效，切实维护职工合法权益，营造和谐稳定的劳动关系，为经济社会高质量发展贡献力量。活动期间，工作人员通过现场讲解、发放资料、案例分析等多种形式，帮助职工了解相关政策和法律知识，增强依法维权意识和能力。本报讯 近日，有关部门组织开展专题活动，深入基层企业和社区开展宣传教育工作，广大职工群众积极参与，活动取得良好成效。相关负责人表示，将进一步加强组织领导，完善工作机制，推动各项措施落地见效，切实维护职工合法权益，营造和谐稳定的劳动关系，为经济社会高质量发展贡献力量。活动期间，工作人员通过现场讲解、发放资料、案例分析等多种形式，帮助职工了解相关政策和法律知识，增强依法维权意识和能力。本报讯 近日，有关部门组织开展专题活动，深入基层企业和社区开展宣传教育工作，广大职工群众积极参与，活动取得良好成效。相关负责人表示，将进一步加强组织领导，完善工作机制，推动各项措施落地见效，切实维护职工合法权益，营造和谐稳定的劳动关系，为经济社会高质量发展贡献力量。活动期间，工作人员通过现场讲解、发放资料、案例分析等多种形式，帮助职工了解相关政策和法律知识，增强依法维权意识和能力。本报讯 近日，有关部门组织开展专题活动，深入基层企业和社区开展宣传教育工作，广大职工群众积极参与，活动取得良好成效。相关负责人表示，将进一步加强组织领导，完善工作机制，推动各项措施落地见效，切实维护职工合法权益，营造和谐稳定的劳动关系，为经济社会高质量发展贡献力量。
日前，由天津市总工会联合天津大学组织的第十期团委举办的职工足球赛在天津大学北洋园校区举行。活动邀请多位老一辈足球运动员与一线职工一同参加，在绿茵场上比拼技艺，展现职工风采。 王菲 摄影报道
